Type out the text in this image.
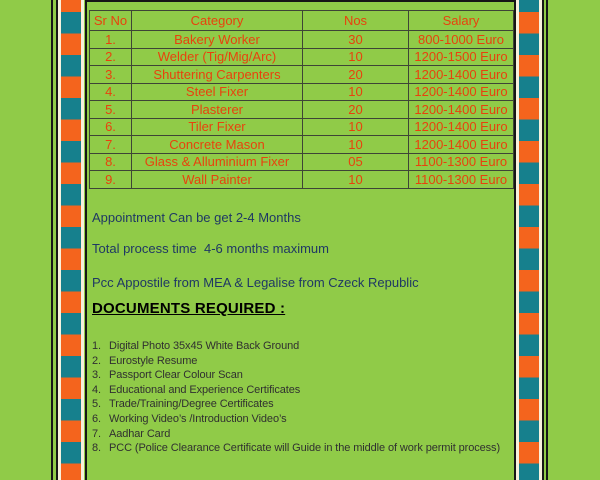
Sr No	Category	Nos	Salary
1.	Bakery Worker	30	800-1000 Euro
2.	Welder (Tig/Mig/Arc)	10	1200-1500 Euro
3.	Shuttering Carpenters	20	1200-1400 Euro
4.	Steel Fixer	10	1200-1400 Euro
5.	Plasterer	20	1200-1400 Euro
6.	Tiler Fixer	10	1200-1400 Euro
7.	Concrete Mason	10	1200-1400 Euro
8.	Glass & Alluminium Fixer	05	1100-1300 Euro
9.	Wall Painter	10	1100-1300 Euro
Appointment Can be get 2-4 Months
Total process time  4-6 months maximum
Pcc Appostile from MEA & Legalise from Czeck Republic
DOCUMENTS REQUIRED :
1. Digital Photo 35x45 White Back Ground
2. Eurostyle Resume
3. Passport Clear Colour Scan
4. Educational and Experience Certificates
5. Trade/Training/Degree Certificates
6. Working Video’s /Introduction Video’s
7. Aadhar Card
8. PCC (Police Clearance Certificate will Guide in the middle of work permit process)
